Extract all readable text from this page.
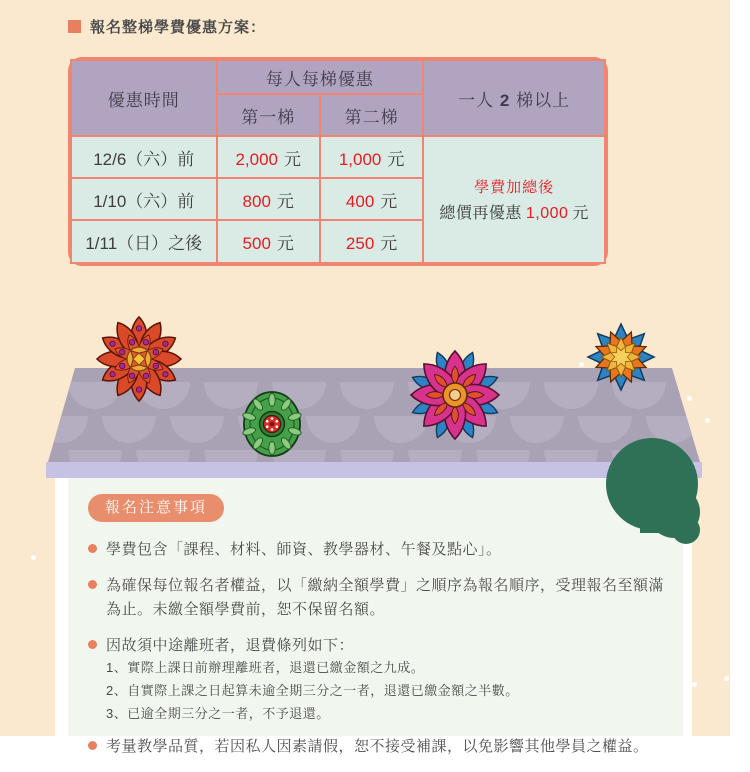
報名整梯學費優惠方案：
優惠時間	每人每梯優惠		一人 2 梯以上
	第一梯	第二梯	
12/6（六）前	2,000 元	1,000 元	學費加總後
總價再優惠 1,000 元

1/10（六）前	800 元	400 元	
1/11（日）之後	500 元	250 元	
報名注意事項
學費包含「課程、材料、師資、教學器材、午餐及點心」。
為確保每位報名者權益，以「繳納全額學費」之順序為報名順序，受理報名至額滿為止。未繳全額學費前，恕不保留名額。
因故須中途離班者，退費條列如下：
1、實際上課日前辦理離班者，退還已繳金額之九成。
2、自實際上課之日起算未逾全期三分之一者，退還已繳金額之半數。
3、已逾全期三分之一者，不予退還。
考量教學品質，若因私人因素請假，恕不接受補課，以免影響其他學員之權益。
